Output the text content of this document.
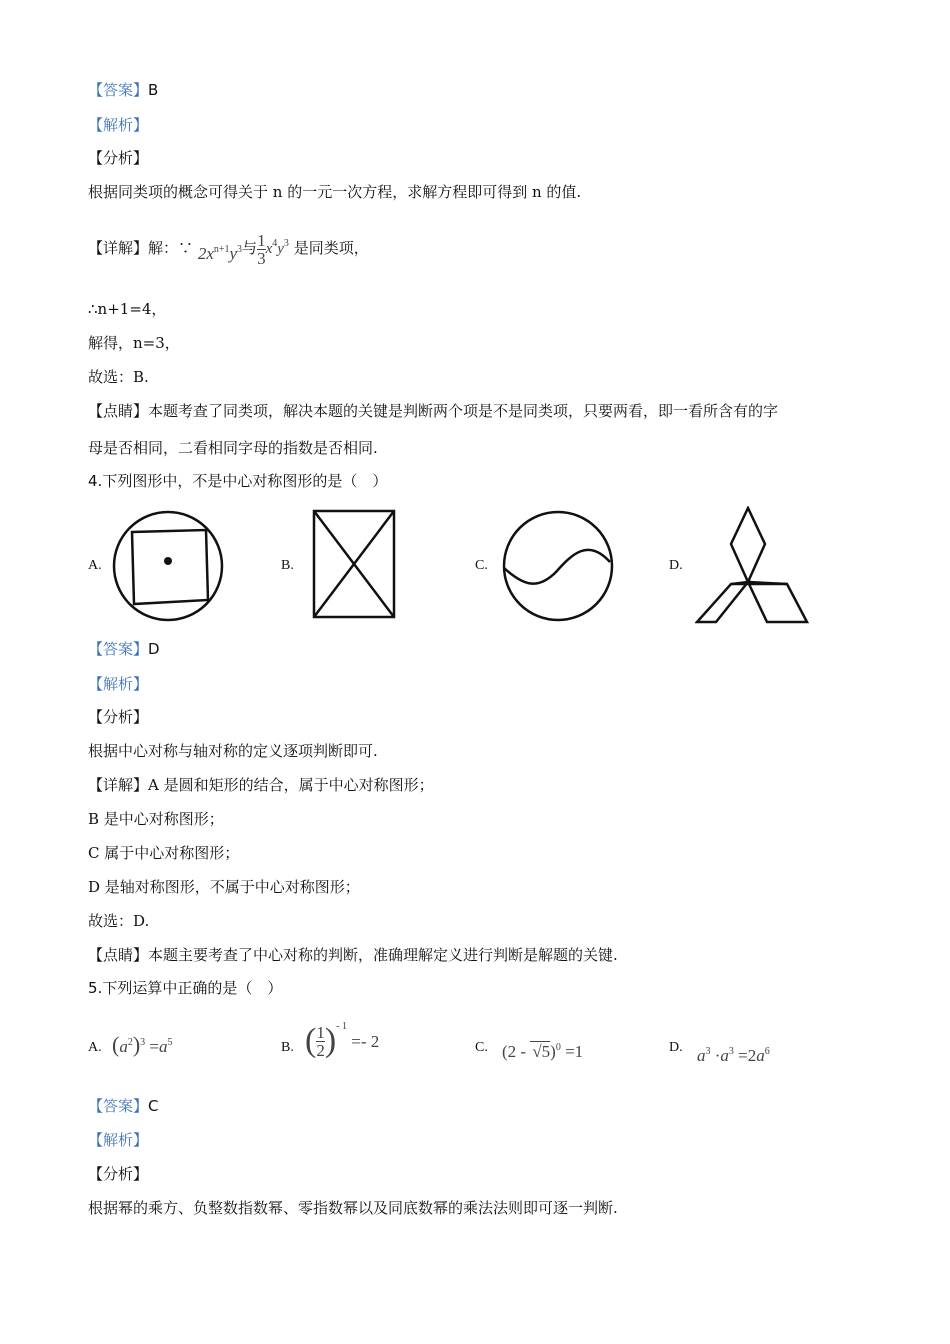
【答案】B
【解析】
【分析】
根据同类项的概念可得关于 n 的一元一次方程，求解方程即可得到 n 的值.
【详解】解：∵ $2x^{n+1}y^3$与 $\frac{1}{3} x^4y^3$ 是同类项，
∴n+1=4，
解得，n=3，
故选：B.
【点睛】本题考查了同类项，解决本题的关键是判断两个项是不是同类项，只要两看，即一看所含有的字
母是否相同，二看相同字母的指数是否相同.
4.下列图形中，不是中心对称图形的是（　）
A.	B.	C.	D.
【答案】D
【解析】
【分析】
根据中心对称与轴对称的定义逐项判断即可.
【详解】A 是圆和矩形的结合，属于中心对称图形；
B 是中心对称图形；
C 属于中心对称图形；
D 是轴对称图形，不属于中心对称图形；
故选：D.
【点睛】本题主要考查了中心对称的判断，准确理解定义进行判断是解题的关键.
5.下列运算中正确的是（　）
A. $(a^2)^3 =a^5$	B. ( $\frac{1}{2} )^{- 1} =- 2$	C. (2 - √5)$^0$ =1	D. $a^3 \cdot a^3 =2a^6$
【答案】C
【解析】
【分析】
根据幂的乘方、负整数指数幂、零指数幂以及同底数幂的乘法法则即可逐一判断.
